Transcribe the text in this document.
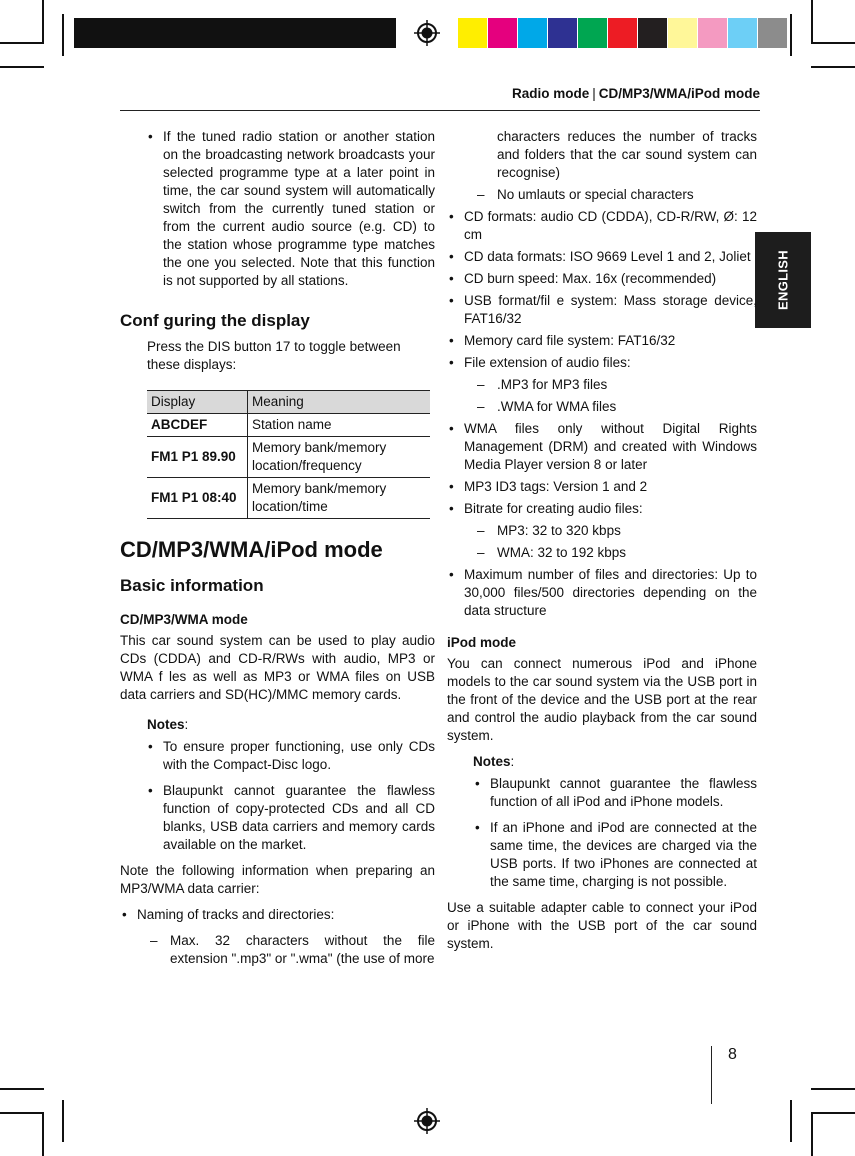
Radio mode | CD/MP3/WMA/iPod mode
ENGLISH
• If the tuned radio station or another station on the broadcasting network broadcasts your selected programme type at a later point in time, the car sound system will automatically switch from the currently tuned station or from the current audio source (e.g. CD) to the station whose programme type matches the one you selected. Note that this function is not supported by all stations.
Conf guring the display

Press the DIS button 17 to toggle between these displays:

Display	Meaning
ABCDEF	Station name
FM1 P1 89.90	Memory bank/memory location/frequency
FM1 P1 08:40	Memory bank/memory location/time
CD/MP3/WMA/iPod mode
Basic information
CD/MP3/WMA mode

This car sound system can be used to play audio CDs (CDDA) and CD-R/RWs with audio, MP3 or WMA f les as well as MP3 or WMA files on USB data carriers and SD(HC)/MMC memory cards.

Notes:
• To ensure proper functioning, use only CDs with the Compact-Disc logo.
• Blaupunkt cannot guarantee the flawless function of copy-protected CDs and all CD blanks, USB data carriers and memory cards available on the market.

Note the following information when preparing an MP3/WMA data carrier:

• Naming of tracks and directories:
– Max. 32 characters without the file extension ".mp3" or ".wma" (the use of more

characters reduces the number of tracks and folders that the car sound system can recognise)

– No umlauts or special characters
• CD formats: audio CD (CDDA), CD-R/RW, Ø: 12 cm
• CD data formats: ISO 9669 Level 1 and 2, Joliet
• CD burn speed: Max. 16x (recommended)
• USB format/fil e system: Mass storage device, FAT16/32
• Memory card file system: FAT16/32
• File extension of audio files:
– .MP3 for MP3 files
– .WMA for WMA files
• WMA files only without Digital Rights Management (DRM) and created with Windows Media Player version 8 or later
• MP3 ID3 tags: Version 1 and 2
• Bitrate for creating audio files:
– MP3: 32 to 320 kbps
– WMA: 32 to 192 kbps
• Maximum number of files and directories: Up to 30,000 files/500 directories depending on the data structure
iPod mode

You can connect numerous iPod and iPhone models to the car sound system via the USB port in the front of the device and the USB port at the rear and control the audio playback from the car sound system.

Notes:
• Blaupunkt cannot guarantee the flawless function of all iPod and iPhone models.
• If an iPhone and iPod are connected at the same time, the devices are charged via the USB ports. If two iPhones are connected at the same time, charging is not possible.

Use a suitable adapter cable to connect your iPod or iPhone with the USB port of the car sound system.

8
